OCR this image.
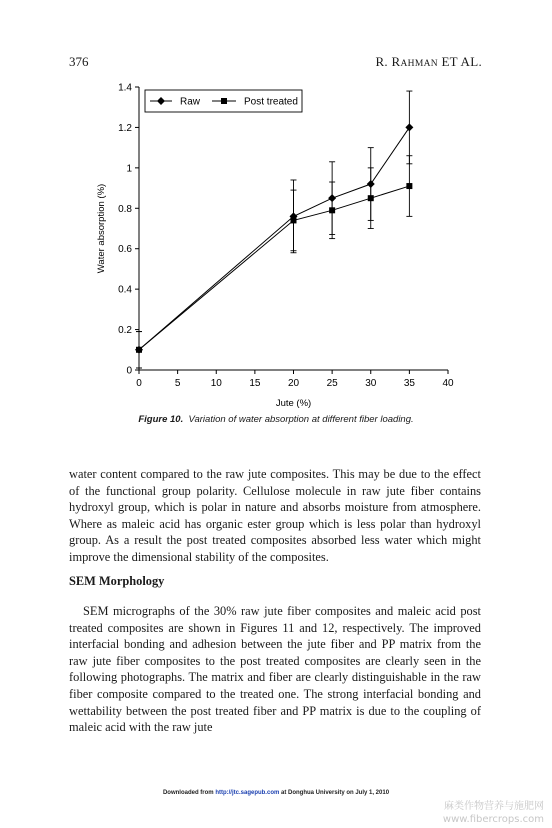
376	R. RAHMAN ET AL.
0
0.2
0.4
0.6
0.8
1
1.2
1.4
0	5	10	15	20	25	30	35	40
Jute (%)
Water absorption (%)
Raw	Post treated
Figure 10. Variation of water absorption at different fiber loading.

water content compared to the raw jute composites. This may be due to the effect of the functional group polarity. Cellulose molecule in raw jute fiber contains hydroxyl group, which is polar in nature and absorbs moisture from atmosphere. Where as maleic acid has organic ester group which is less polar than hydroxyl group. As a result the post treated composites absorbed less water which might improve the dimensional stability of the composites.

SEM Morphology

SEM micrographs of the 30% raw jute fiber composites and maleic acid post treated composites are shown in Figures 11 and 12, respectively. The improved interfacial bonding and adhesion between the jute fiber and PP matrix from the raw jute fiber composites to the post treated composites are clearly seen in the following photographs. The matrix and fiber are clearly distinguishable in the raw fiber composite compared to the treated one. The strong interfacial bonding and wettability between the post treated fiber and PP matrix is due to the coupling of maleic acid with the raw jute

Downloaded from http://jtc.sagepub.com at Donghua University on July 1, 2010
麻类作物营养与施肥网
www.fibercrops.com
